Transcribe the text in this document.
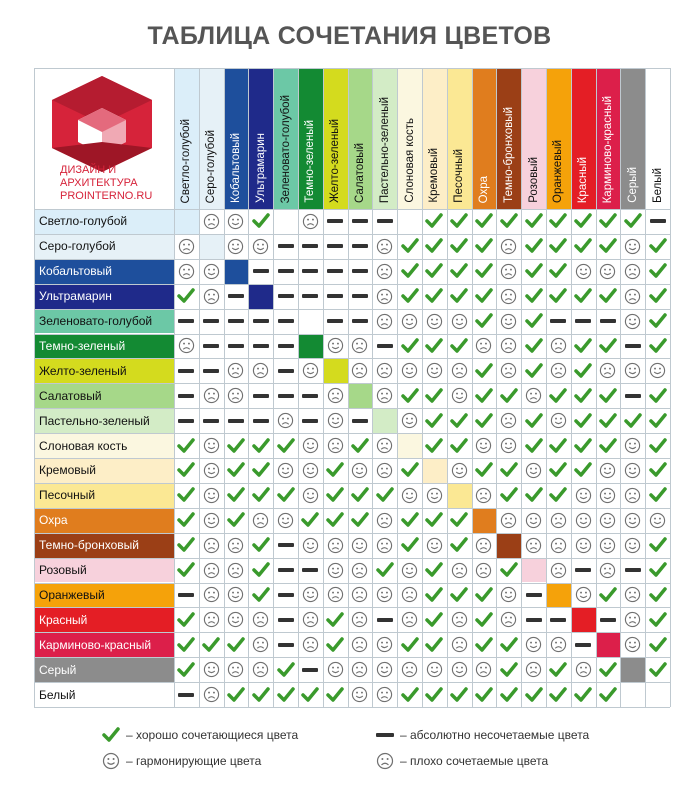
ТАБЛИЦА СОЧЕТАНИЯ ЦВЕТОВ
ДИЗАЙН И
АРХИТЕКТУРА
PROINTERNO.RU
– хорошо сочетающиеся цвета
– гармонирующие цвета
– абсолютно несочетаемые цвета
– плохо сочетаемые цвета
Светло-голубой Серо-голубой Кобальтовый Ультрамарин Зеленовато-голубой Темно-зеленый Желто-зеленый Салатовый Пастельно-зеленый Слоновая кость Кремовый Песочный Охра Темно-бронховый Розовый Оранжевый Красный Карминово-красный Серый Белый
Светло-голубой
Серо-голубой
Кобальтовый
Ультрамарин
Зеленовато-голубой
Темно-зеленый
Желто-зеленый
Салатовый
Пастельно-зеленый
Слоновая кость
Кремовый
Песочный
Охра
Темно-бронховый
Розовый
Оранжевый
Красный
Карминово-красный
Серый
Белый
